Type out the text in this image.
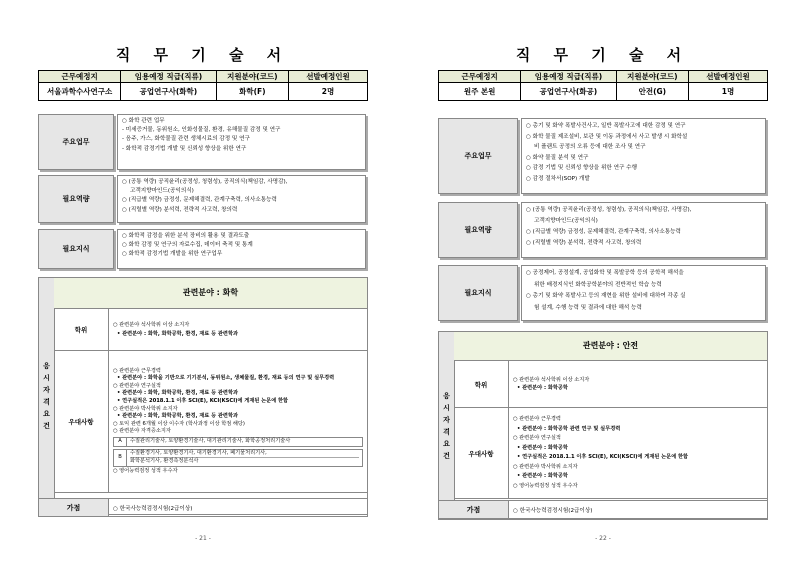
직 무 기 술 서
근무예정지	임용예정 직급(직류)	지원분야(코드)	선발예정인원
서울과학수사연구소	공업연구사(화학)	화학(F)	2명
주요업무
○ 화학 관련 업무
- 미세증거물, 동위원소, 인화성물질, 환경, 유해물질 감정 및 연구
- 음주, 가스, 화학물질 관련 생체시료의 감정 및 연구
- 화학적 감정기법 개발 및 신뢰성 향상을 위한 연구
필요역량
○ (공통 역량) 공직윤리(공정성, 청렴성), 공직의식(책임감, 사명감),
고객지향마인드(공익의식)
○ (직급별 역량) 금정성, 문제해결력, 관계구축력, 의사소통능력
○ (직렬별 역량) 분석력, 전략적 사고력, 창의력
필요지식
○ 화학적 감정을 위한 분석 장비의 활용 및 결과도출
○ 화학 감정 및 연구의 자료수집, 데이터 축적 및 통계
○ 화학적 감정기법 개발을 위한 연구업무
응
시
자
격
요
건
관련분야 : 화학
학위
○ 관련분야 석사학위 이상 소지자
• 관련분야 : 화학, 화학공학, 환경, 재료 등 관련학과
우대사항
○ 관련분야 근무경력
• 관련분야 : 화학을 기반으로 기기분석, 동위원소, 생체물질, 환경, 재료 등의 연구 및 실무경력
○ 관련분야 연구실적
• 관련분야 : 화학, 화학공학, 환경, 재료 등 관련학과
• 연구실적은 2018.1.1 이후 SCI(E), KCI(KSCI)에 게재된 논문에 한함
○ 관련분야 박사학위 소지자
• 관련분야 : 화학, 화학공학, 환경, 재료 등 관련학과
○ 토익 관련 6개월 이상 이수자 (학사과정 이상 학점 해당)
○ 관련분야 자격증소지자
A	수질관리기술사, 토양환경기술사, 대기관리기술사, 화학공정처리기술사
B
수질환경기사, 토양환경기사, 대기환경기사, 폐기물처리기사,
화학분석기사, 환경측정분석사
○ 영어능력검정 성적 우수자
가점	○ 한국사능력검정시험(2급이상)
- 21 -
직 무 기 술 서
근무예정지	임용예정 직급(직류)	지원분야(코드)	선발예정인원
원주 본원	공업연구사(화공)	안전(G)	1명
주요업무
○ 총기 및 화약 폭발사건사고, 일반 폭발사고에 대한 감정 및 연구
○ 화학 물질 제조설비, 보관 및 이동 과정에서 사고 발생 시 화학설
비 플랜트 공정의 오류 등에 대한 조사 및 연구
○ 화약 물질 분석 및 연구
○ 감정 기법 및 신뢰성 향상을 위한 연구 수행
○ 감정 절차서(SOP) 개발
필요역량
○ (공통 역량) 공직윤리(공정성, 청렴성), 공직의식(책임감, 사명감),
고객지향마인드(공익의식)
○ (직급별 역량) 금정성, 문제해결력, 관계구축력, 의사소통능력
○ (직렬별 역량) 분석력, 전략적 사고력, 창의력
필요지식
○ 공정제어, 공정설계, 공업화학 및 폭발공학 등의 공학적 해석을
위한 배경지식인 화학공학분야의 전반적인 학습 능력
○ 총기 및 화약 폭발사고 등의 재현을 위한 설비에 대하여 각종 실
험 설계, 수행 능력 및 결과에 대한 해석 능력
응
시
자
격
요
건
관련분야 : 안전
학위
○ 관련분야 석사학위 이상 소지자
• 관련분야 : 화학공학
우대사항
○ 관련분야 근무경력
• 관련분야 : 화학공학 관련 연구 및 실무경력
○ 관련분야 연구실적
• 관련분야 : 화학공학
• 연구실적은 2018.1.1 이후 SCI(E), KCI(KSCI)에 게재된 논문에 한함
○ 관련분야 박사학위 소지자
• 관련분야 : 화학공학
○ 영어능력검정 성적 우수자
가점	○ 한국사능력검정시험(2급이상)
- 22 -
